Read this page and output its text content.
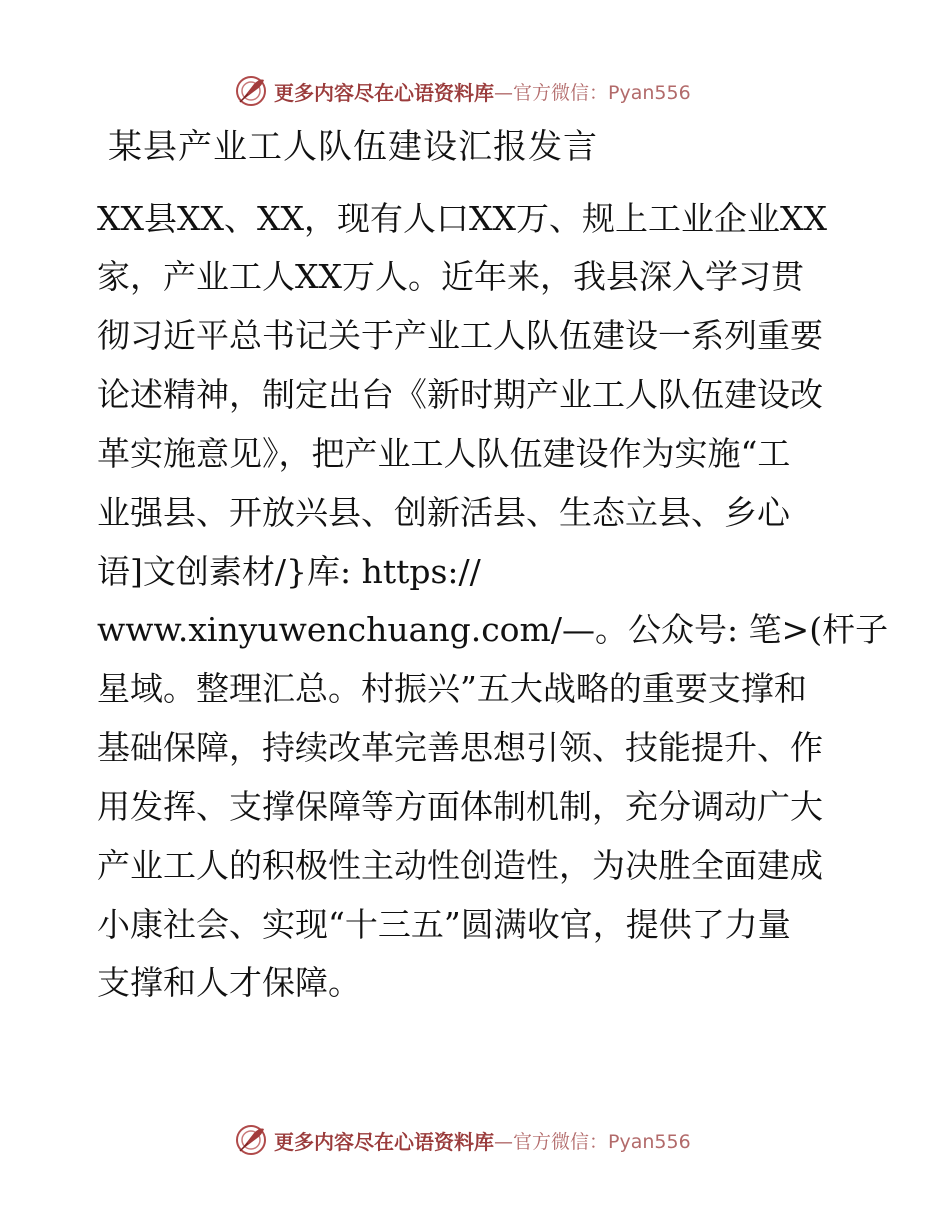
更多内容尽在心语资料库 —官方微信：Pyan556
某县产业工人队伍建设汇报发言

XX县XX、XX，现有人口XX万、规上工业企业XX

家，产业工人XX万人。近年来，我县深入学习贯

彻习近平总书记关于产业工人队伍建设一系列重要

论述精神，制定出台《新时期产业工人队伍建设改

革实施意见》，把产业工人队伍建设作为实施“工

业强县、开放兴县、创新活县、生态立县、乡心

语]文创素材/}库: https://

www.xinyuwenchuang.com/—。公众号: 笔>(杆子

星域。整理汇总。村振兴”五大战略的重要支撑和

基础保障，持续改革完善思想引领、技能提升、作

用发挥、支撑保障等方面体制机制，充分调动广大

产业工人的积极性主动性创造性，为决胜全面建成

小康社会、实现“十三五”圆满收官，提供了力量

支撑和人才保障。

更多内容尽在心语资料库 —官方微信：Pyan556
